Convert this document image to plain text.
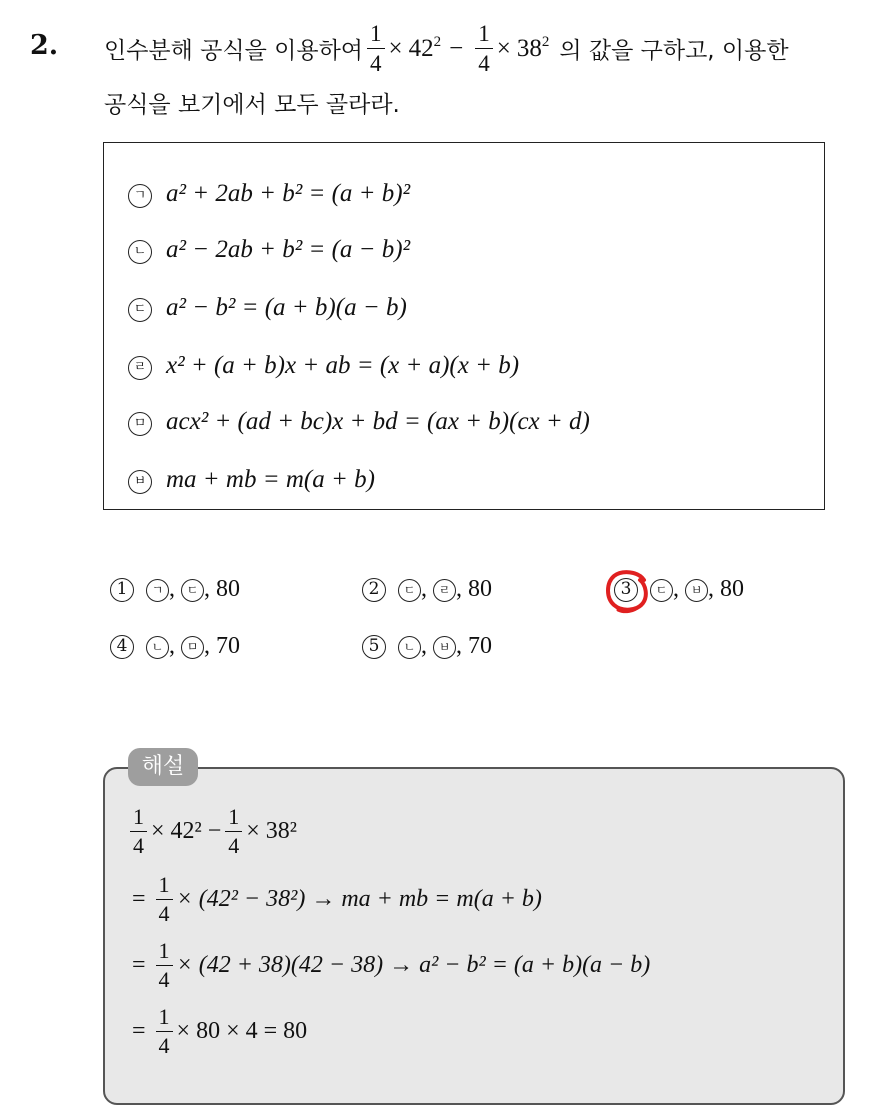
2. 인수분해 공식을 이용하여 $\frac{1}{4} \times 42^2 - \frac{1}{4} \times 38^2$ 의 값을 구하고, 이용한
공식을 보기에서 모두 골라라.
ㄱ a² + 2ab + b² = (a + b)²
ㄴ a² − 2ab + b² = (a − b)²
ㄷ a² − b² = (a + b)(a − b)
ㄹ x² + (a + b)x + ab = (x + a)(x + b)
ㅁ acx² + (ad + bc)x + bd = (ax + b)(cx + d)
ㅂ ma + mb = m(a + b)
1 ㄱ , ㄷ , 80	2 ㄷ , ㄹ , 80	3 ㄷ , ㅂ , 80
4 ㄴ , ㅁ , 70	5 ㄴ , ㅂ , 70
해설
$\frac{1}{4} \times 42^2 - \frac{1}{4} \times 38^2$
= $\frac{1}{4} \times (42^2 - 38^2)$ → ma + mb = m(a + b)
= $\frac{1}{4} \times (42 + 38)(42 - 38) \to a^2 - b^2 = (a + b)(a - b)$
= $\frac{1}{4} \times 80 \times 4 = 80$
